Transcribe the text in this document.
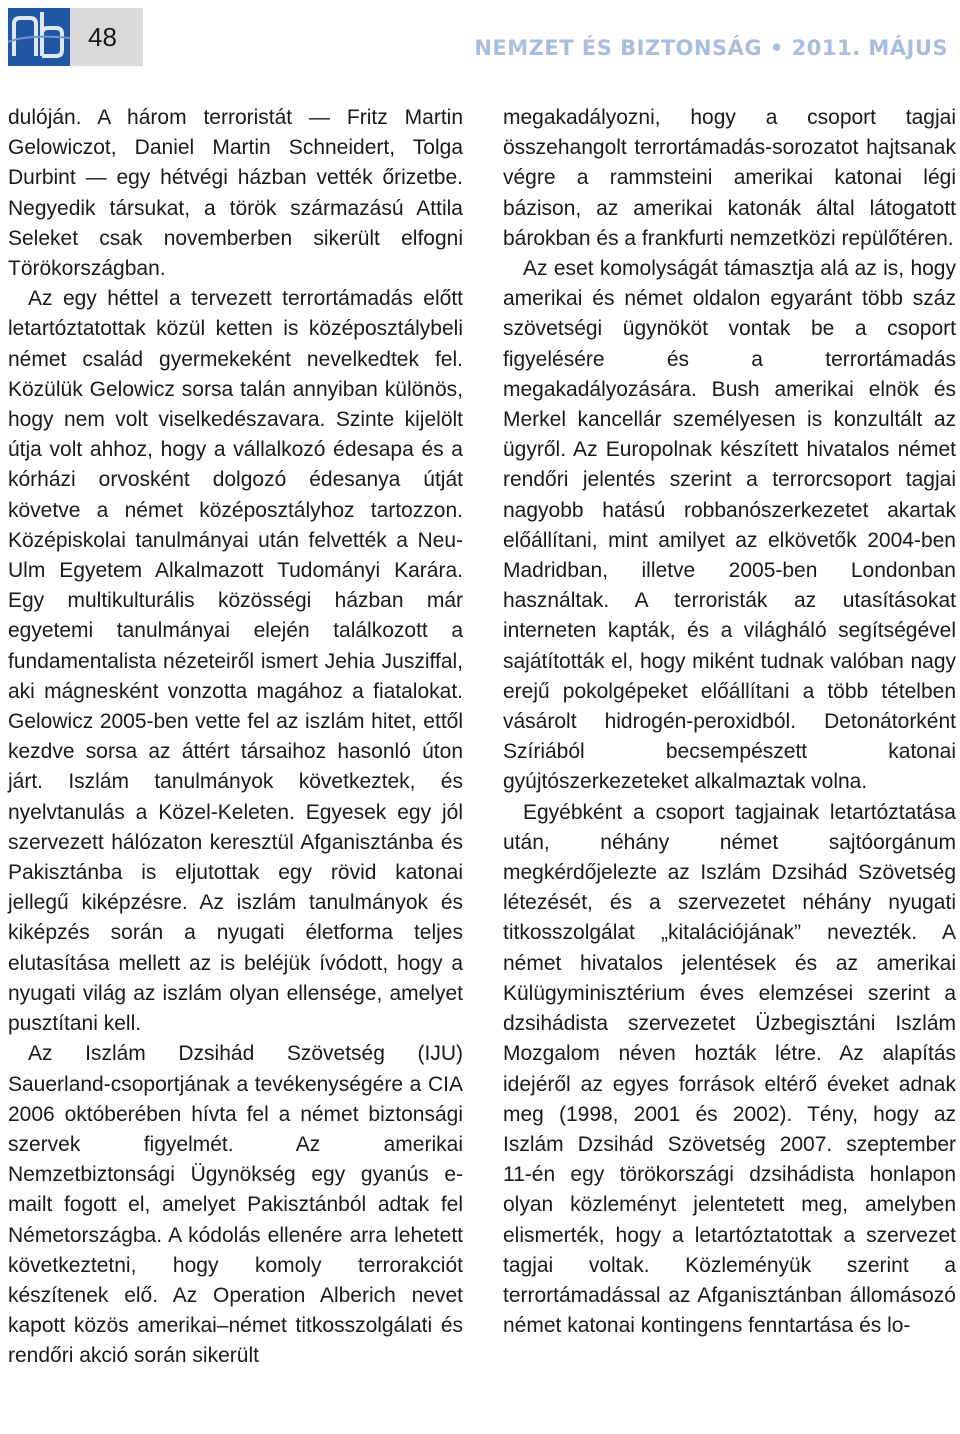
48	NEMZET ÉS BIZTONSÁG • 2011. MÁJUS

dulóján. A három terroristát — Fritz Martin Gelowiczot, Daniel Martin Schneidert, Tolga Durbint — egy hétvégi házban vették őrizetbe. Negyedik társukat, a török származású Attila Seleket csak novemberben sikerült elfogni Törökországban.

Az egy héttel a tervezett terrortámadás előtt letartóztatottak közül ketten is középosztálybeli német család gyermekeként nevelkedtek fel. Közülük Gelowicz sorsa talán annyiban különös, hogy nem volt viselkedészavara. Szinte kijelölt útja volt ahhoz, hogy a vállalkozó édesapa és a kórházi orvosként dolgozó édesanya útját követve a német középosztályhoz tartozzon. Középiskolai tanulmányai után felvették a Neu-Ulm Egyetem Alkalmazott Tudományi Karára. Egy multikulturális közösségi házban már egyetemi tanulmányai elején találkozott a fundamentalista nézeteiről ismert Jehia Jusziffal, aki mágnesként vonzotta magához a fiatalokat. Gelowicz 2005-ben vette fel az iszlám hitet, ettől kezdve sorsa az áttért társaihoz hasonló úton járt. Iszlám tanulmányok következtek, és nyelvtanulás a Közel-Keleten. Egyesek egy jól szervezett hálózaton keresztül Afganisztánba és Pakisztánba is eljutottak egy rövid katonai jellegű kiképzésre. Az iszlám tanulmányok és kiképzés során a nyugati életforma teljes elutasítása mellett az is beléjük ívódott, hogy a nyugati világ az iszlám olyan ellensége, amelyet pusztítani kell.

Az Iszlám Dzsihád Szövetség (IJU) Sauerland-csoportjának a tevékenységére a CIA 2006 októberében hívta fel a német biztonsági szervek figyelmét. Az amerikai Nemzetbiztonsági Ügynökség egy gyanús e-mailt fogott el, amelyet Pakisztánból adtak fel Németországba. A kódolás ellenére arra lehetett következtetni, hogy komoly terrorakciót készítenek elő. Az Operation Alberich nevet kapott közös amerikai–német titkosszolgálati és rendőri akció során sikerült

megakadályozni, hogy a csoport tagjai összehangolt terrortámadás-sorozatot hajtsanak végre a rammsteini amerikai katonai légi bázison, az amerikai katonák által látogatott bárokban és a frankfurti nemzetközi repülőtéren.

Az eset komolyságát támasztja alá az is, hogy amerikai és német oldalon egyaránt több száz szövetségi ügynököt vontak be a csoport figyelésére és a terrortámadás megakadályozására. Bush amerikai elnök és Merkel kancellár személyesen is konzultált az ügyről. Az Europolnak készített hivatalos német rendőri jelentés szerint a terrorcsoport tagjai nagyobb hatású robbanószerkezetet akartak előállítani, mint amilyet az elkövetők 2004-ben Madridban, illetve 2005-ben Londonban használtak. A terroristák az utasításokat interneten kapták, és a világháló segítségével sajátították el, hogy miként tudnak valóban nagy erejű pokolgépeket előállítani a több tételben vásárolt hidrogén-peroxidból. Detonátorként Szíriából becsempészett katonai gyújtószerkezeteket alkalmaztak volna.

Egyébként a csoport tagjainak letartóztatása után, néhány német sajtóorgánum megkérdőjelezte az Iszlám Dzsihád Szövetség létezését, és a szervezetet néhány nyugati titkosszolgálat „kitalációjának” nevezték. A német hivatalos jelentések és az amerikai Külügyminisztérium éves elemzései szerint a dzsihádista szervezetet Üzbegisztáni Iszlám Mozgalom néven hozták létre. Az alapítás idejéről az egyes források eltérő éveket adnak meg (1998, 2001 és 2002). Tény, hogy az Iszlám Dzsihád Szövetség 2007. szeptember 11-én egy törökországi dzsihádista honlapon olyan közleményt jelentetett meg, amelyben elismerték, hogy a letartóztatottak a szervezet tagjai voltak. Közleményük szerint a terrortámadással az Afganisztánban állomásozó német katonai kontingens fenntartása és lo-
